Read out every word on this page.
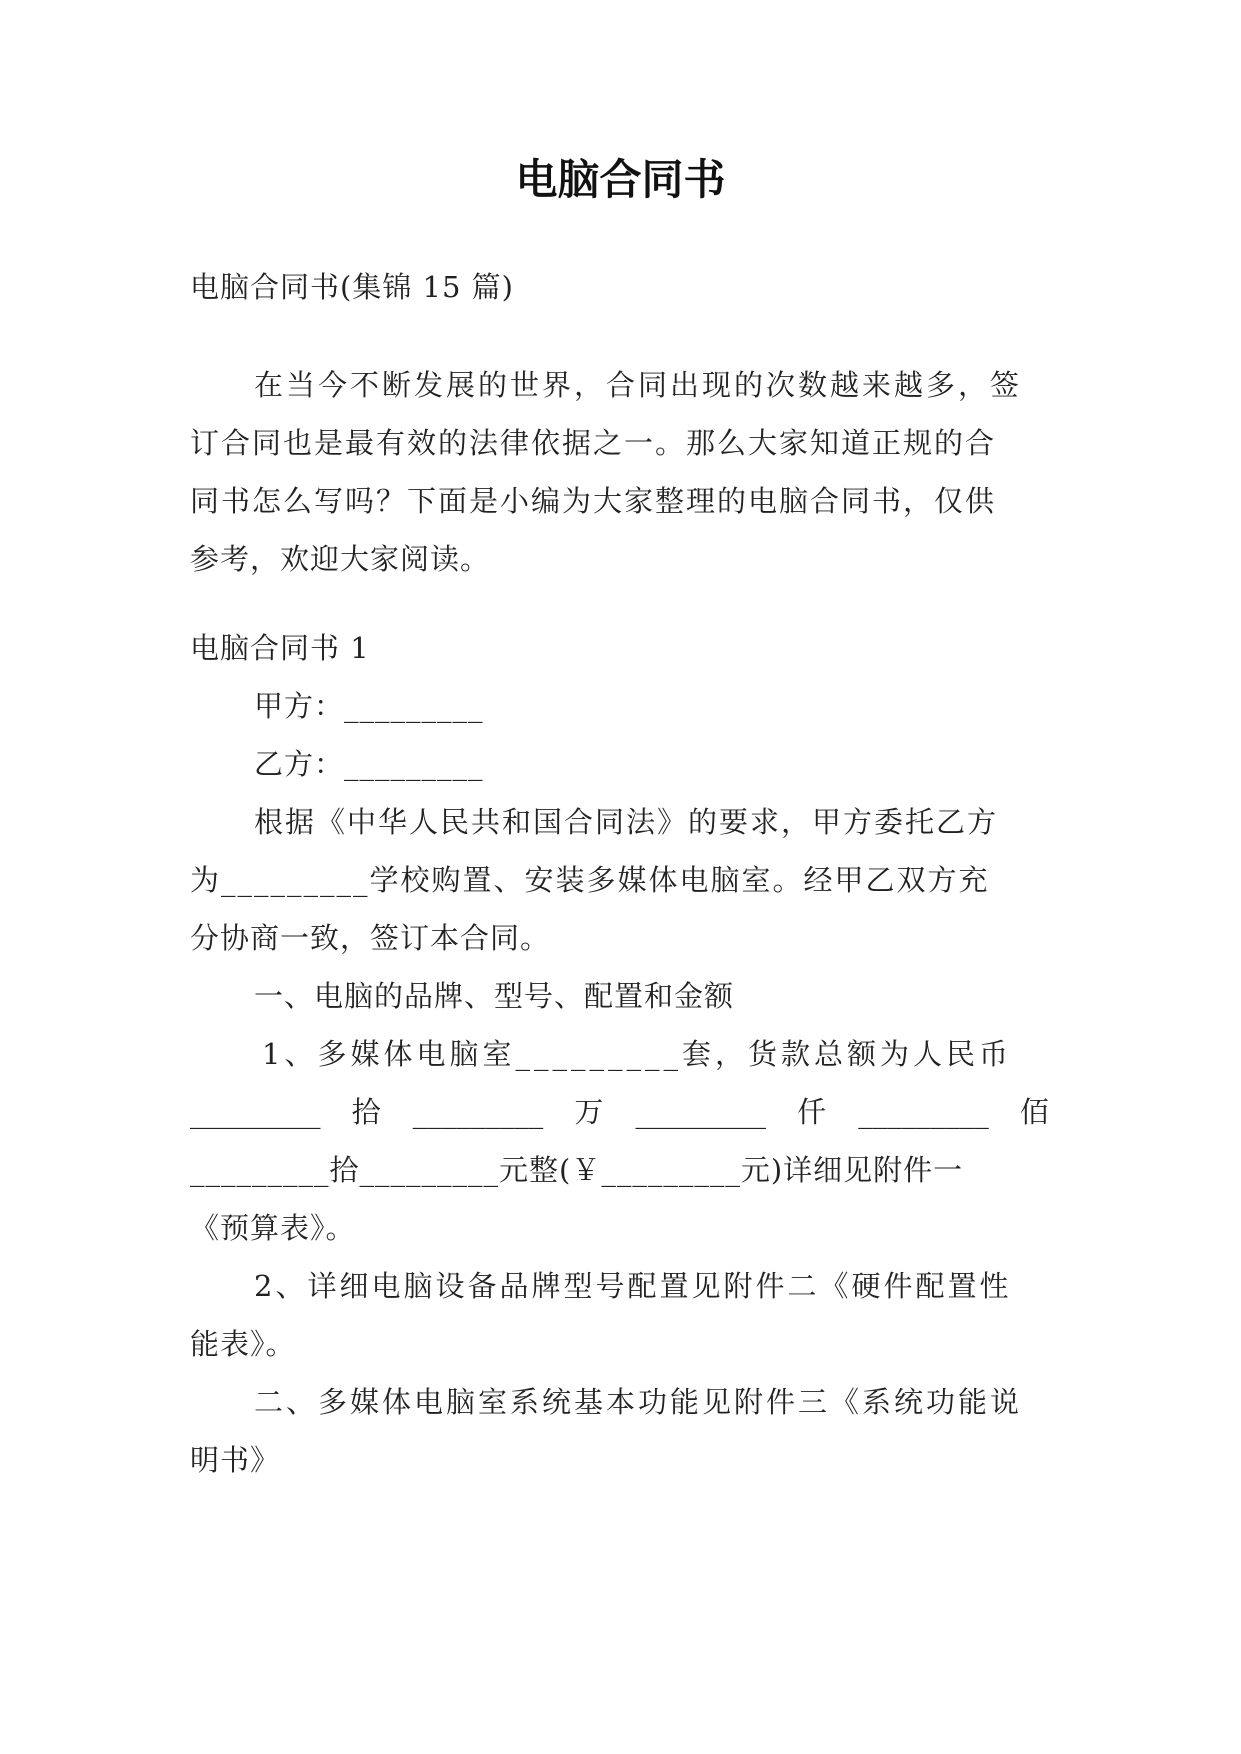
电脑合同书
电脑合同书(集锦 15 篇)
在当今不断发展的世界，合同出现的次数越来越多，签
订合同也是最有效的法律依据之一。那么大家知道正规的合
同书怎么写吗？下面是小编为大家整理的电脑合同书，仅供
参考，欢迎大家阅读。
电脑合同书 1
甲方：_________
乙方：_________
根据《中华人民共和国合同法》的要求，甲方委托乙方
为_________学校购置、安装多媒体电脑室。经甲乙双方充
分协商一致，签订本合同。
一、电脑的品牌、型号、配置和金额
1、多媒体电脑室_________套，货款总额为人民币
_________ 拾 _________ 万 _________ 仟 _________ 佰
_________拾_________元整(￥_________元)详细见附件一
《预算表》。
2、详细电脑设备品牌型号配置见附件二《硬件配置性
能表》。
二、多媒体电脑室系统基本功能见附件三《系统功能说
明书》
